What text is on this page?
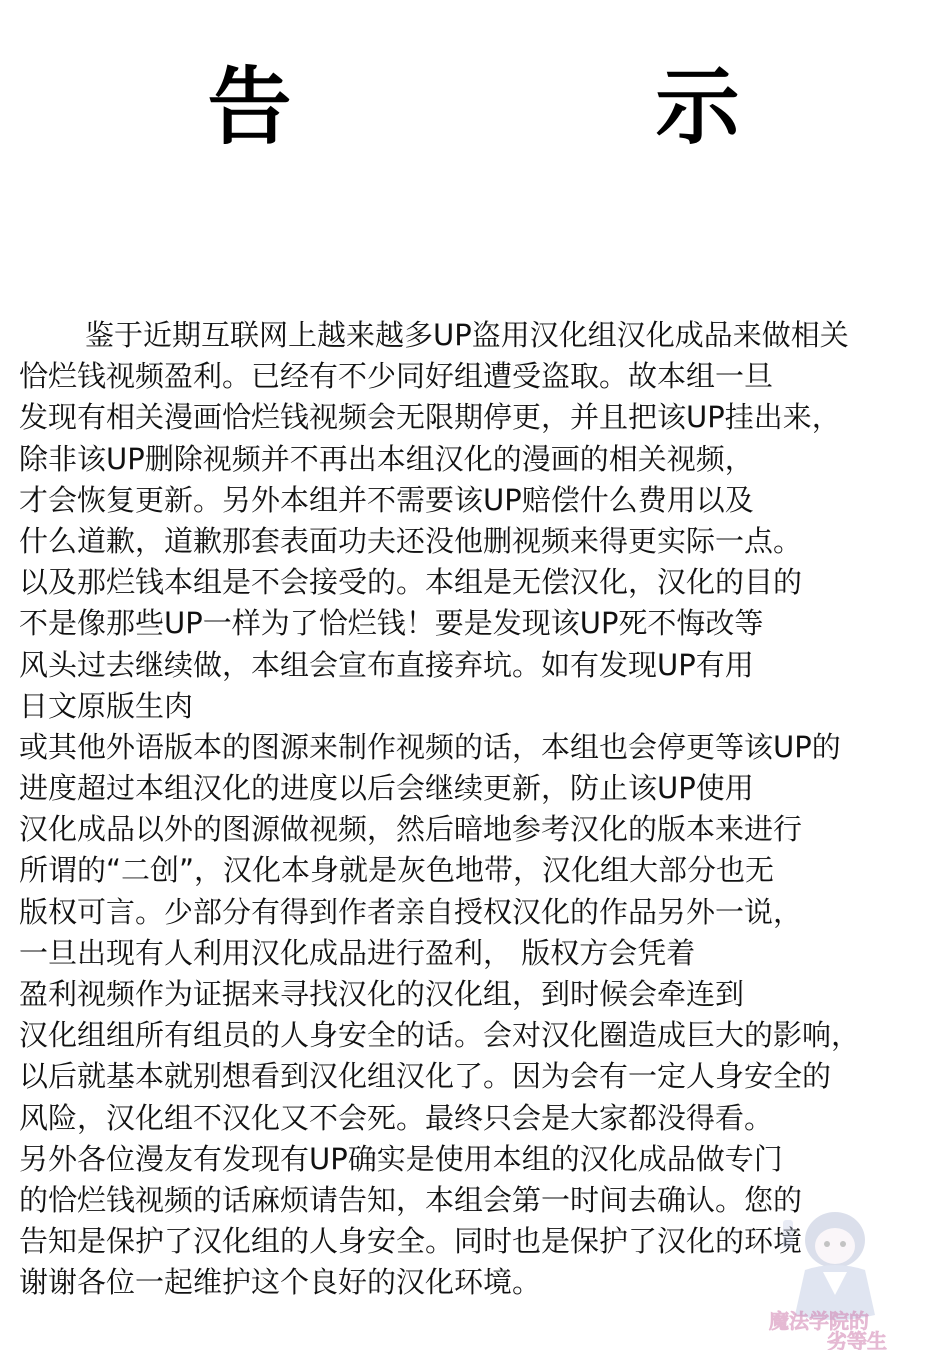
告　示
鉴于近期互联网上越来越多UP盗用汉化组汉化成品来做相关
恰烂钱视频盈利。已经有不少同好组遭受盗取。故本组一旦
发现有相关漫画恰烂钱视频会无限期停更，并且把该UP挂出来，
除非该UP删除视频并不再出本组汉化的漫画的相关视频，
才会恢复更新。另外本组并不需要该UP赔偿什么费用以及
什么道歉，道歉那套表面功夫还没他删视频来得更实际一点。
以及那烂钱本组是不会接受的。本组是无偿汉化，汉化的目的
不是像那些UP一样为了恰烂钱！要是发现该UP死不悔改等
风头过去继续做，本组会宣布直接弃坑。如有发现UP有用
日文原版生肉
或其他外语版本的图源来制作视频的话，本组也会停更等该UP的
进度超过本组汉化的进度以后会继续更新，防止该UP使用
汉化成品以外的图源做视频，然后暗地参考汉化的版本来进行
所谓的“二创”，汉化本身就是灰色地带，汉化组大部分也无
版权可言。少部分有得到作者亲自授权汉化的作品另外一说，
一旦出现有人利用汉化成品进行盈利， 版权方会凭着
盈利视频作为证据来寻找汉化的汉化组，到时候会牵连到
汉化组组所有组员的人身安全的话。会对汉化圈造成巨大的影响，
以后就基本就别想看到汉化组汉化了。因为会有一定人身安全的
风险，汉化组不汉化又不会死。最终只会是大家都没得看。
另外各位漫友有发现有UP确实是使用本组的汉化成品做专门
的恰烂钱视频的话麻烦请告知，本组会第一时间去确认。您的
告知是保护了汉化组的人身安全。同时也是保护了汉化的环境
谢谢各位一起维护这个良好的汉化环境。
魔法学院的
劣等生
